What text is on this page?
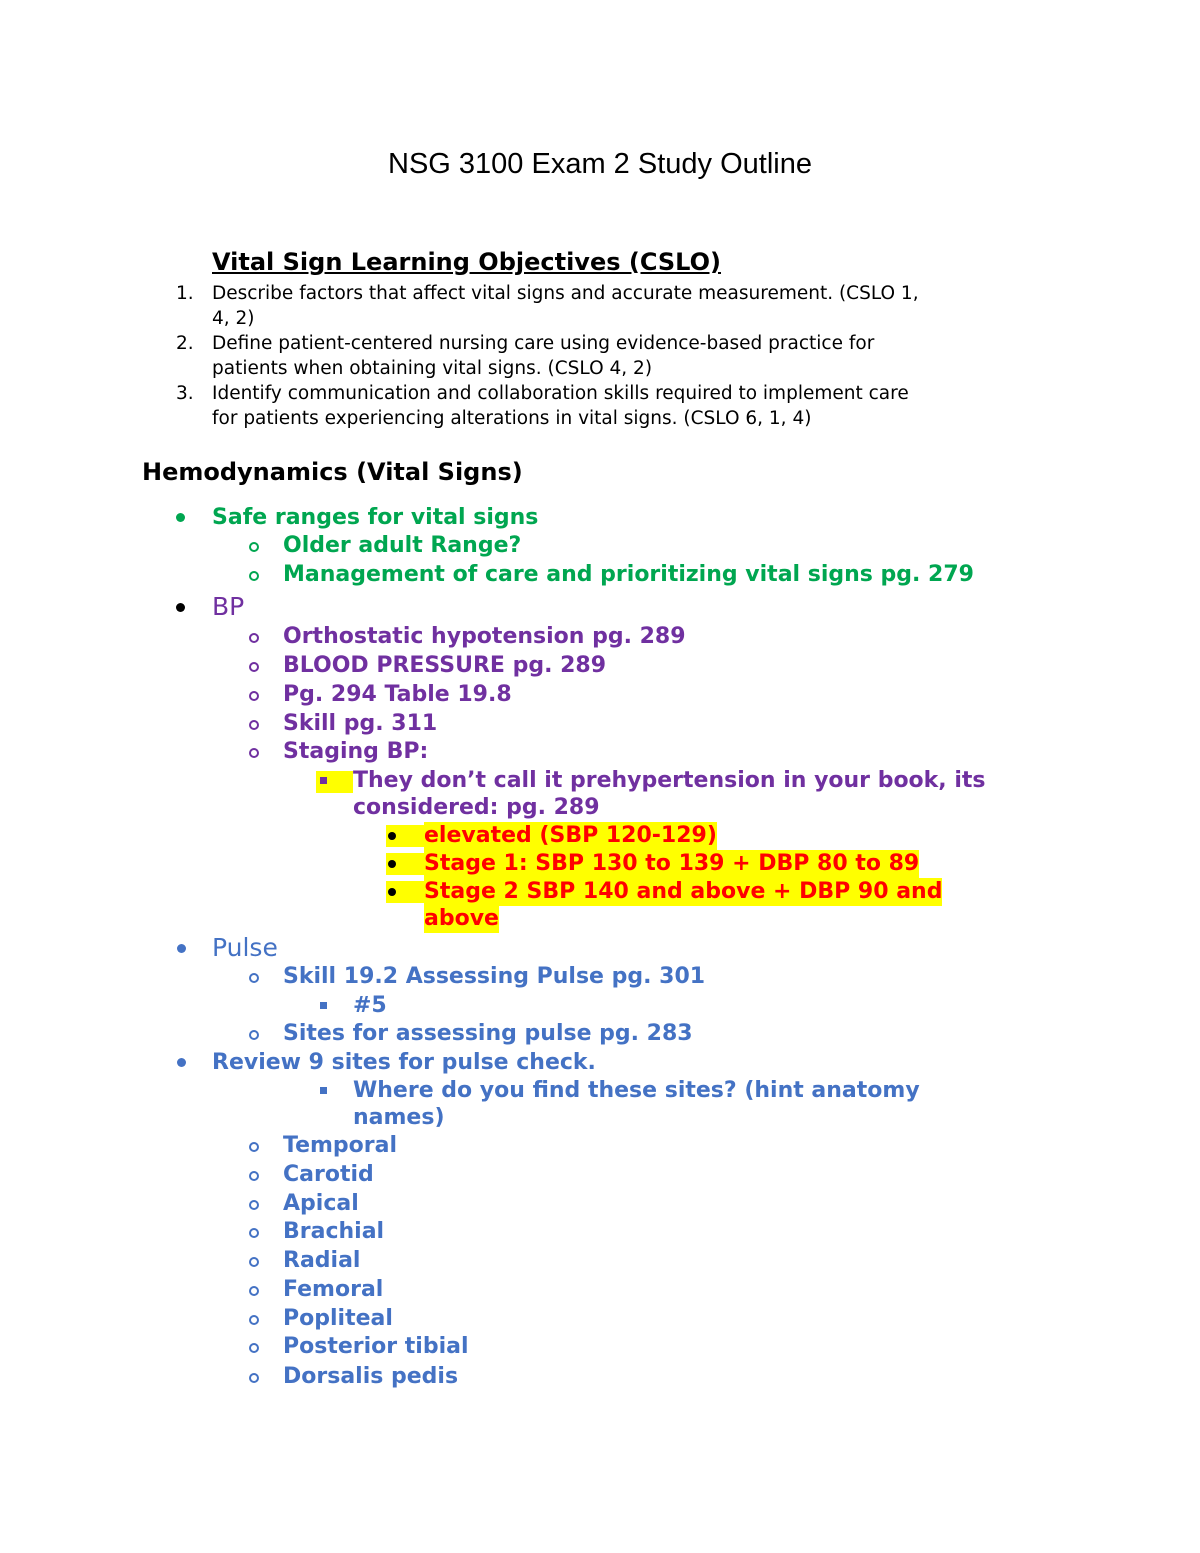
NSG 3100 Exam 2 Study Outline
Vital Sign Learning Objectives (CSLO)
1. Describe factors that affect vital signs and accurate measurement. (CSLO 1,
4, 2)
2. Define patient-centered nursing care using evidence-based practice for
patients when obtaining vital signs. (CSLO 4, 2)
3. Identify communication and collaboration skills required to implement care
for patients experiencing alterations in vital signs. (CSLO 6, 1, 4)
Hemodynamics (Vital Signs)
Safe ranges for vital signs
Older adult Range?
Management of care and prioritizing vital signs pg. 279
BP
Orthostatic hypotension pg. 289
BLOOD PRESSURE pg. 289
Pg. 294 Table 19.8
Skill pg. 311
Staging BP:
They don’t call it prehypertension in your book, its
considered: pg. 289
elevated (SBP 120-129)
Stage 1: SBP 130 to 139 + DBP 80 to 89
Stage 2 SBP 140 and above + DBP 90 and
above
Pulse
Skill 19.2 Assessing Pulse pg. 301
#5
Sites for assessing pulse pg. 283
Review 9 sites for pulse check.
Where do you find these sites? (hint anatomy
names)
Temporal
Carotid
Apical
Brachial
Radial
Femoral
Popliteal
Posterior tibial
Dorsalis pedis
